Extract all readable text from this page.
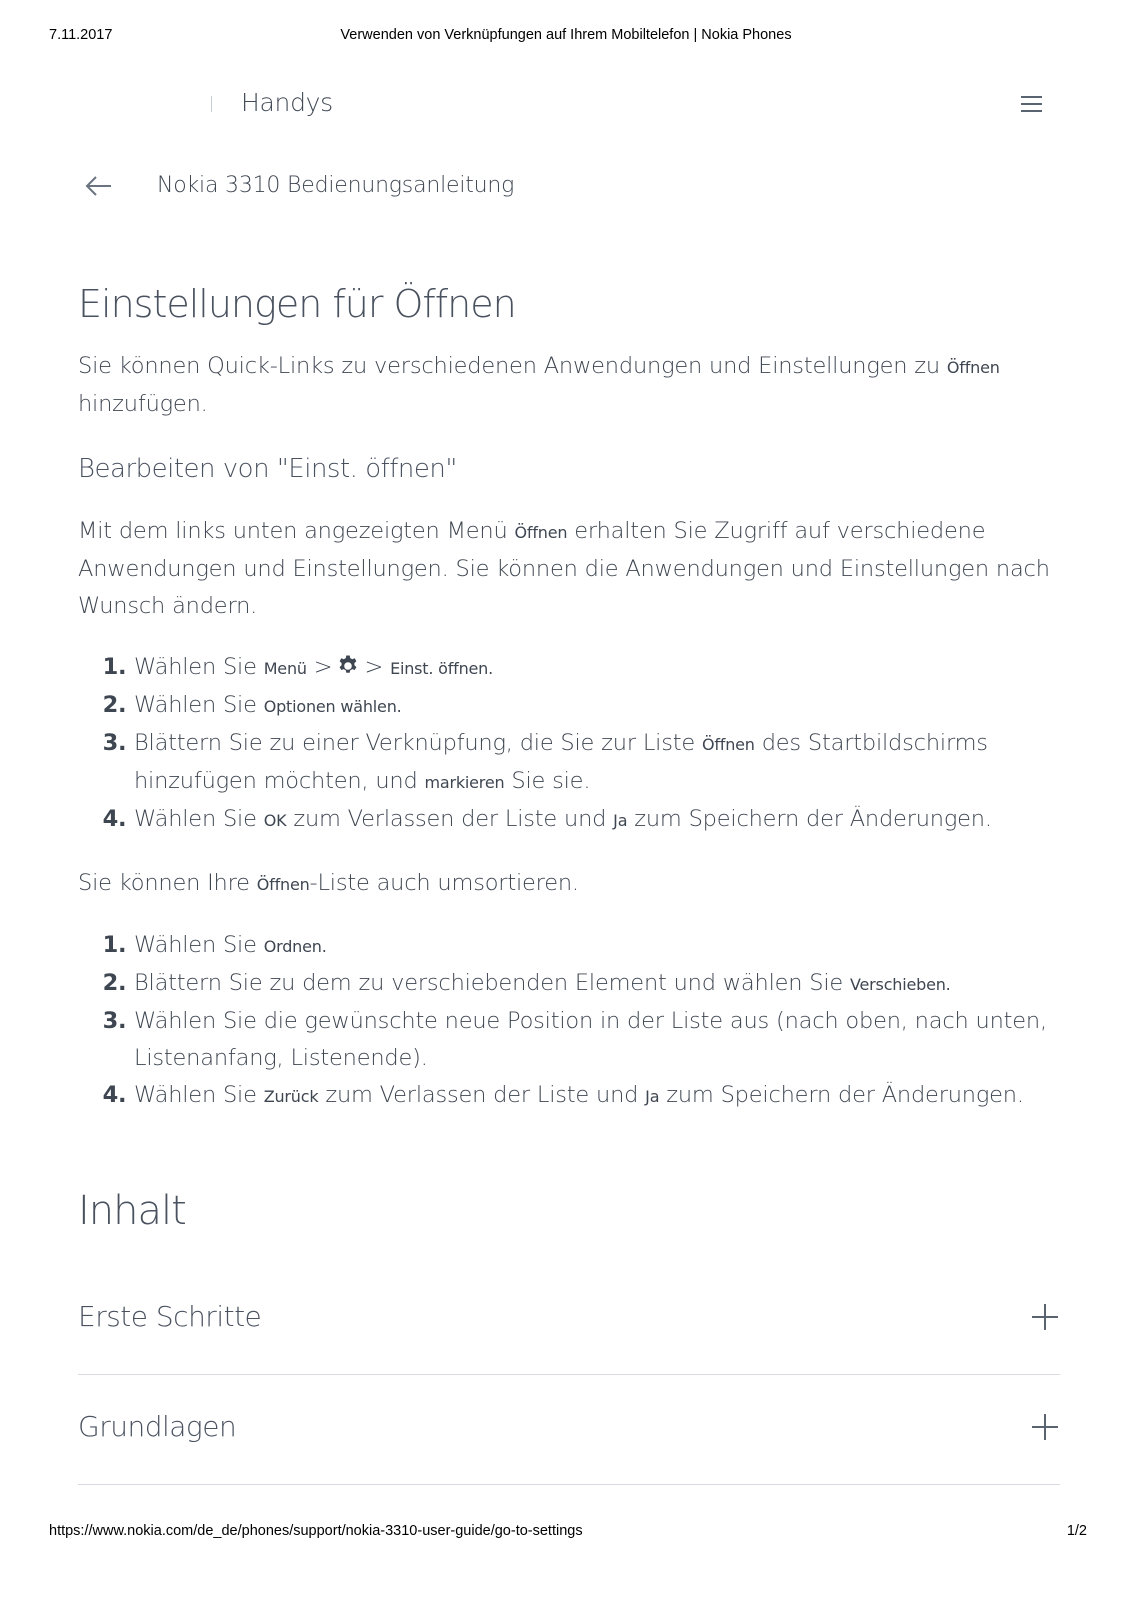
7.11.2017	Verwenden von Verknüpfungen auf Ihrem Mobiltelefon | Nokia Phones
Handys
Nokia 3310 Bedienungsanleitung
Einstellungen für Öffnen

Sie können Quick-Links zu verschiedenen Anwendungen und Einstellungen zu Öffnen hinzufügen.

Bearbeiten von "Einst. öffnen"

Mit dem links unten angezeigten Menü Öffnen erhalten Sie Zugriff auf verschiedene Anwendungen und Einstellungen. Sie können die Anwendungen und Einstellungen nach Wunsch ändern.

1. Wählen Sie Menü > > Einst. öffnen.
2. Wählen Sie Optionen wählen.
3. Blättern Sie zu einer Verknüpfung, die Sie zur Liste Öffnen des Startbildschirms hinzufügen möchten, und markieren Sie sie.
4. Wählen Sie OK zum Verlassen der Liste und Ja zum Speichern der Änderungen.

Sie können Ihre Öffnen-Liste auch umsortieren.

1. Wählen Sie Ordnen.
2. Blättern Sie zu dem zu verschiebenden Element und wählen Sie Verschieben.
3. Wählen Sie die gewünschte neue Position in der Liste aus (nach oben, nach unten, Listenanfang, Listenende).
4. Wählen Sie Zurück zum Verlassen der Liste und Ja zum Speichern der Änderungen.
Inhalt
Erste Schritte
Grundlagen
https://www.nokia.com/de_de/phones/support/nokia-3310-user-guide/go-to-settings	1/2
